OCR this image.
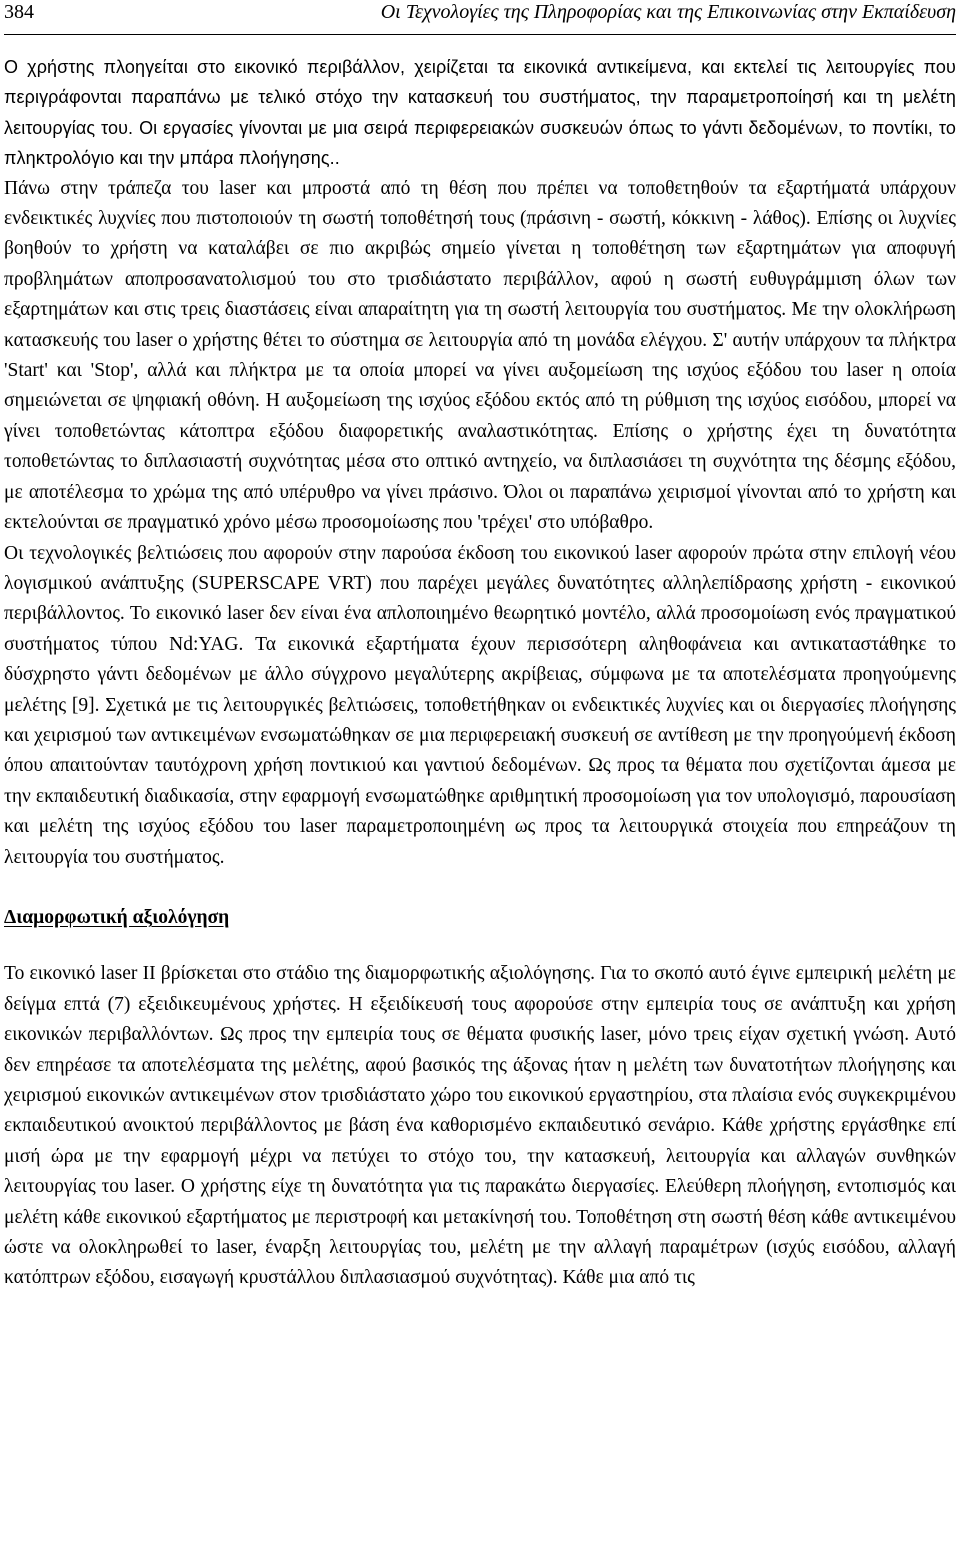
384	Οι Τεχνολογίες της Πληροφορίας και της Επικοινωνίας στην Εκπαίδευση

Ο χρήστης πλοηγείται στο εικονικό περιβάλλον, χειρίζεται τα εικονικά αντικείμενα, και εκτελεί τις λειτουργίες που περιγράφονται παραπάνω με τελικό στόχο την κατασκευή του συστήματος, την παραμετροποίησή και τη μελέτη λειτουργίας του. Οι εργασίες γίνονται με μια σειρά περιφερειακών συσκευών όπως το γάντι δεδομένων, το ποντίκι, το πληκτρολόγιο και την μπάρα πλοήγησης..

Πάνω στην τράπεζα του laser και μπροστά από τη θέση που πρέπει να τοποθετηθούν τα εξαρτήματά υπάρχουν ενδεικτικές λυχνίες που πιστοποιούν τη σωστή τοποθέτησή τους (πράσινη - σωστή, κόκκινη - λάθος). Επίσης οι λυχνίες βοηθούν το χρήστη να καταλάβει σε πιο ακριβώς σημείο γίνεται η τοποθέτηση των εξαρτημάτων για αποφυγή προβλημάτων αποπροσανατολισμού του στο τρισδιάστατο περιβάλλον, αφού η σωστή ευθυγράμμιση όλων των εξαρτημάτων και στις τρεις διαστάσεις είναι απαραίτητη για τη σωστή λειτουργία του συστήματος. Με την ολοκλήρωση κατασκευής του laser ο χρήστης θέτει το σύστημα σε λειτουργία από τη μονάδα ελέγχου. Σ' αυτήν υπάρχουν τα πλήκτρα 'Start' και 'Stop', αλλά και πλήκτρα με τα οποία μπορεί να γίνει αυξομείωση της ισχύος εξόδου του laser η οποία σημειώνεται σε ψηφιακή οθόνη. Η αυξομείωση της ισχύος εξόδου εκτός από τη ρύθμιση της ισχύος εισόδου, μπορεί να γίνει τοποθετώντας κάτοπτρα εξόδου διαφορετικής αναλαστικότητας. Επίσης ο χρήστης έχει τη δυνατότητα τοποθετώντας το διπλασιαστή συχνότητας μέσα στο οπτικό αντηχείο, να διπλασιάσει τη συχνότητα της δέσμης εξόδου, με αποτέλεσμα το χρώμα της από υπέρυθρο να γίνει πράσινο. Όλοι οι παραπάνω χειρισμοί γίνονται από το χρήστη και εκτελούνται σε πραγματικό χρόνο μέσω προσομοίωσης που 'τρέχει' στο υπόβαθρο.

Οι τεχνολογικές βελτιώσεις που αφορούν στην παρούσα έκδοση του εικονικού laser αφορούν πρώτα στην επιλογή νέου λογισμικού ανάπτυξης (SUPERSCAPE VRT) που παρέχει μεγάλες δυνατότητες αλληλεπίδρασης χρήστη - εικονικού περιβάλλοντος. Το εικονικό laser δεν είναι ένα απλοποιημένο θεωρητικό μοντέλο, αλλά προσομοίωση ενός πραγματικού συστήματος τύπου Nd:YAG. Τα εικονικά εξαρτήματα έχουν περισσότερη αληθοφάνεια και αντικαταστάθηκε το δύσχρηστο γάντι δεδομένων με άλλο σύγχρονο μεγαλύτερης ακρίβειας, σύμφωνα με τα αποτελέσματα προηγούμενης μελέτης [9]. Σχετικά με τις λειτουργικές βελτιώσεις, τοποθετήθηκαν οι ενδεικτικές λυχνίες και οι διεργασίες πλοήγησης και χειρισμού των αντικειμένων ενσωματώθηκαν σε μια περιφερειακή συσκευή σε αντίθεση με την προηγούμενή έκδοση όπου απαιτούνταν ταυτόχρονη χρήση ποντικιού και γαντιού δεδομένων. Ως προς τα θέματα που σχετίζονται άμεσα με την εκπαιδευτική διαδικασία, στην εφαρμογή ενσωματώθηκε αριθμητική προσομοίωση για τον υπολογισμό, παρουσίαση και μελέτη της ισχύος εξόδου του laser παραμετροποιημένη ως προς τα λειτουργικά στοιχεία που επηρεάζουν τη λειτουργία του συστήματος.

Διαμορφωτική αξιολόγηση

Το εικονικό laser II βρίσκεται στο στάδιο της διαμορφωτικής αξιολόγησης. Για το σκοπό αυτό έγινε εμπειρική μελέτη με δείγμα επτά (7) εξειδικευμένους χρήστες. Η εξειδίκευσή τους αφορούσε στην εμπειρία τους σε ανάπτυξη και χρήση εικονικών περιβαλλόντων. Ως προς την εμπειρία τους σε θέματα φυσικής laser, μόνο τρεις είχαν σχετική γνώση. Αυτό δεν επηρέασε τα αποτελέσματα της μελέτης, αφού βασικός της άξονας ήταν η μελέτη των δυνατοτήτων πλοήγησης και χειρισμού εικονικών αντικειμένων στον τρισδιάστατο χώρο του εικονικού εργαστηρίου, στα πλαίσια ενός συγκεκριμένου εκπαιδευτικού ανοικτού περιβάλλοντος με βάση ένα καθορισμένο εκπαιδευτικό σενάριο. Κάθε χρήστης εργάσθηκε επί μισή ώρα με την εφαρμογή μέχρι να πετύχει το στόχο του, την κατασκευή, λειτουργία και αλλαγών συνθηκών λειτουργίας του laser. Ο χρήστης είχε τη δυνατότητα για τις παρακάτω διεργασίες. Ελεύθερη πλοήγηση, εντοπισμός και μελέτη κάθε εικονικού εξαρτήματος με περιστροφή και μετακίνησή του. Τοποθέτηση στη σωστή θέση κάθε αντικειμένου ώστε να ολοκληρωθεί το laser, έναρξη λειτουργίας του, μελέτη με την αλλαγή παραμέτρων (ισχύς εισόδου, αλλαγή κατόπτρων εξόδου, εισαγωγή κρυστάλλου διπλασιασμού συχνότητας). Κάθε μια από τις
